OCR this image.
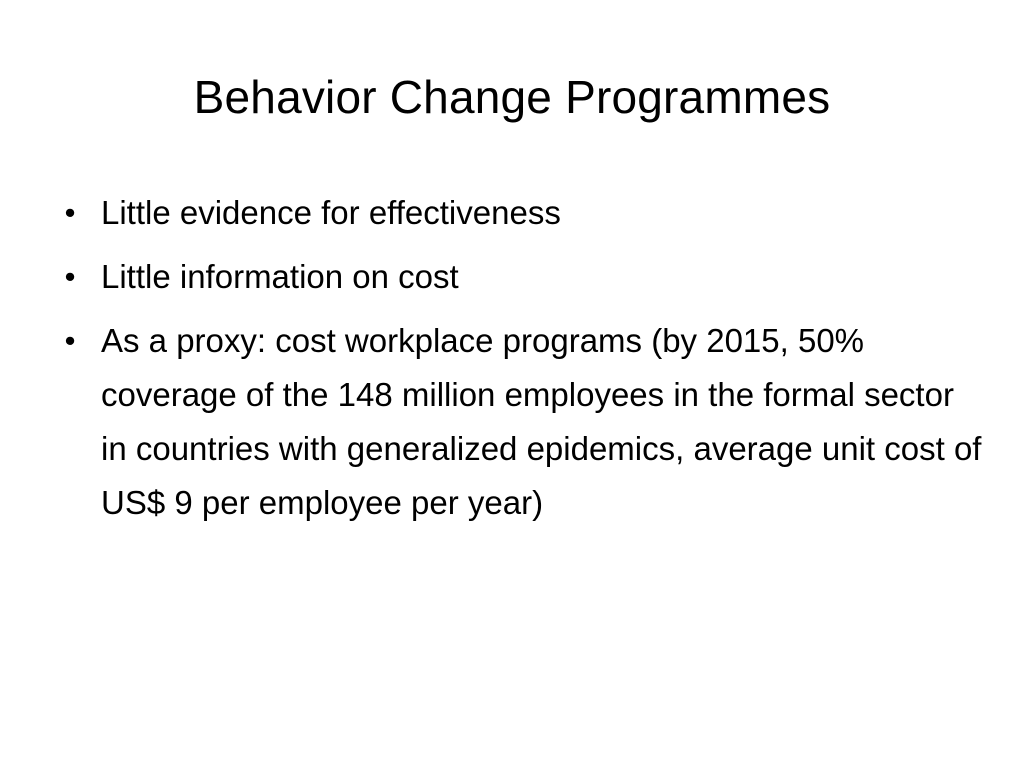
Behavior Change Programmes
• Little evidence for effectiveness
• Little information on cost
• As a proxy: cost workplace programs (by 2015, 50% coverage of the 148 million employees in the formal sector in countries with generalized epidemics, average unit cost of US$ 9 per employee per year)
